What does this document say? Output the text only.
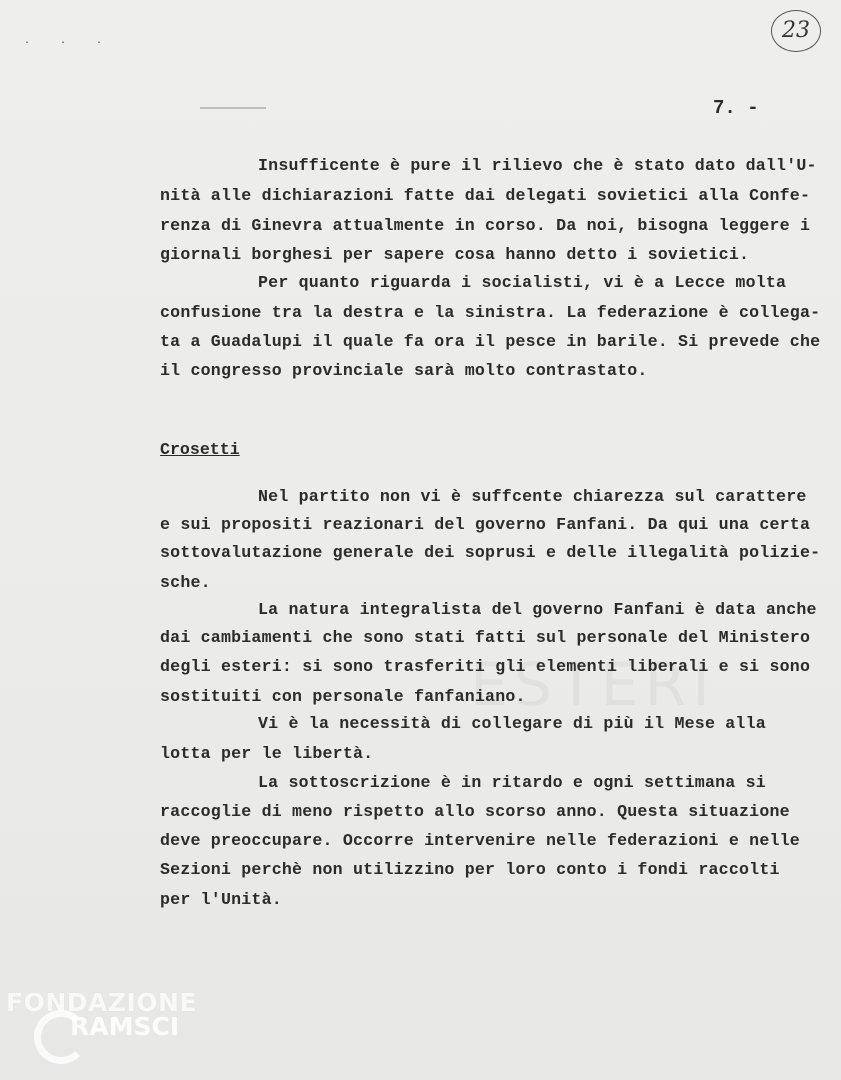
· · ·
23
7. -
Insufficente è pure il rilievo che è stato dato dall'U-
nità alle dichiarazioni fatte dai delegati sovietici alla Confe-
renza di Ginevra attualmente in corso. Da noi, bisogna leggere i
giornali borghesi per sapere cosa hanno detto i sovietici.
Per quanto riguarda i socialisti, vi è a Lecce molta
confusione tra la destra e la sinistra. La federazione è collega-
ta a Guadalupi il quale fa ora il pesce in barile. Si prevede che
il congresso provinciale sarà molto contrastato.
Crosetti
Nel partito non vi è suffcente chiarezza sul carattere
e sui propositi reazionari del governo Fanfani. Da qui una certa
sottovalutazione generale dei soprusi e delle illegalità polizie-
sche.
La natura integralista del governo Fanfani è data anche
dai cambiamenti che sono stati fatti sul personale del Ministero
degli esteri: si sono trasferiti gli elementi liberali e si sono
sostituiti con personale fanfaniano.
Vi è la necessità di collegare di più il Mese alla
lotta per le libertà.
La sottoscrizione è in ritardo e ogni settimana si
raccoglie di meno rispetto allo scorso anno. Questa situazione
deve preoccupare. Occorre intervenire nelle federazioni e nelle
Sezioni perchè non utilizzino per loro conto i fondi raccolti
per l'Unità.
FONDAZIONE
RAMSCI
